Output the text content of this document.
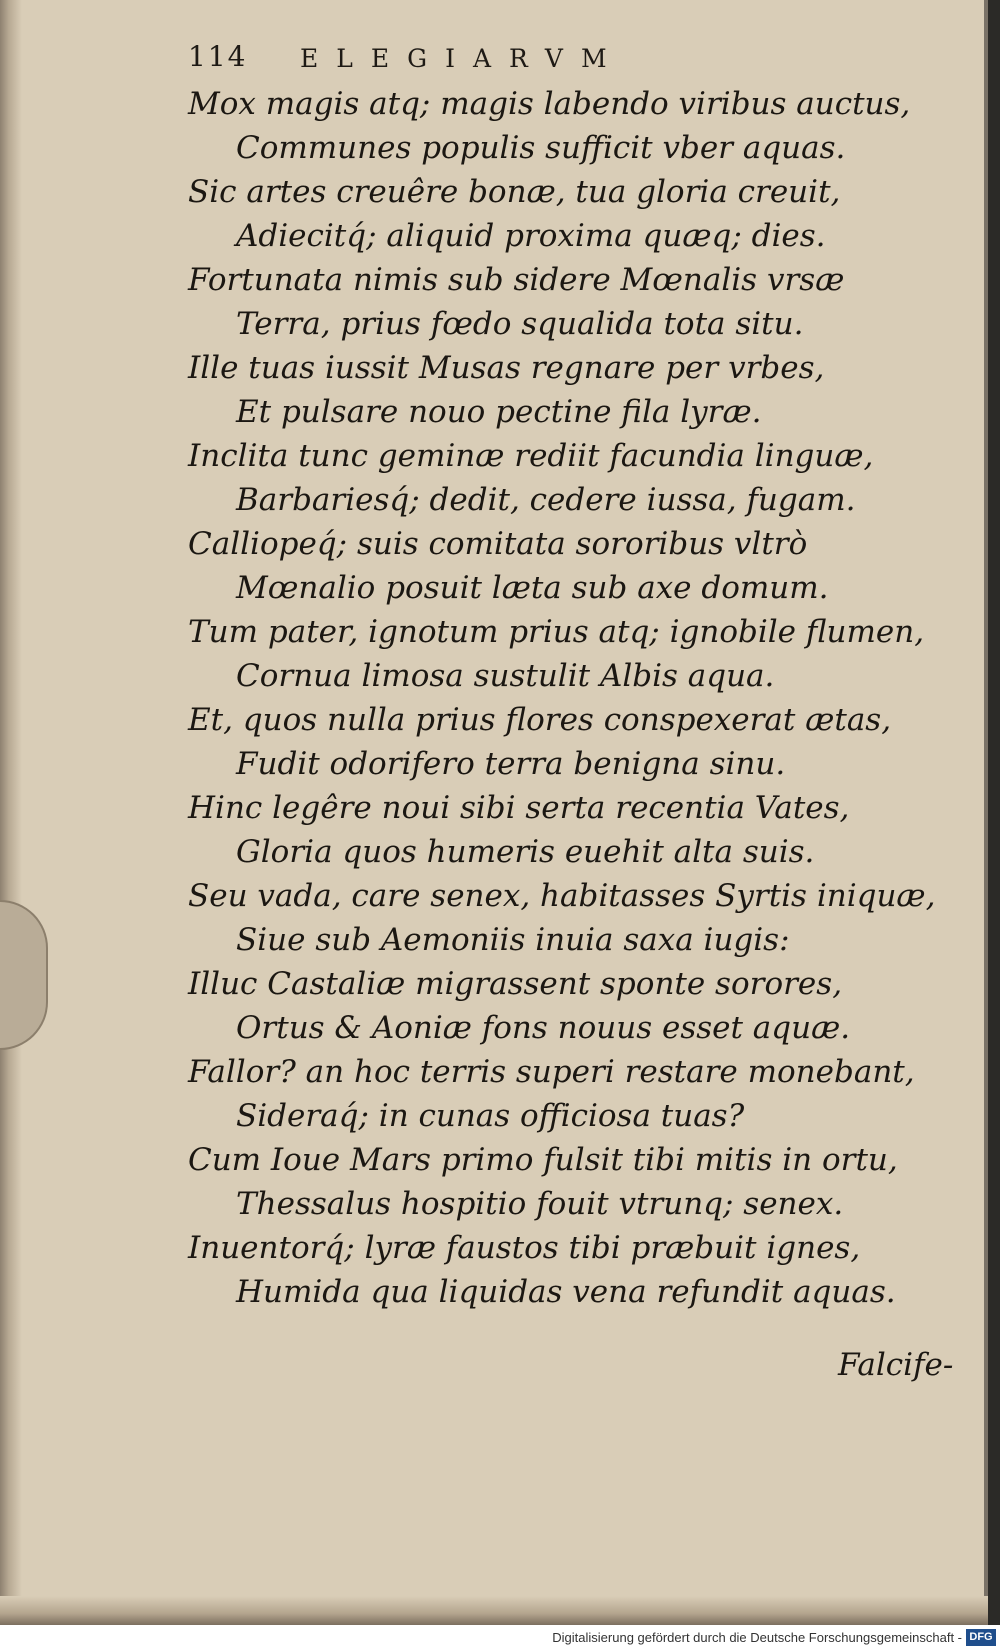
114 ELEGIARVM
Mox magis atq; magis labendo viribus auctus,
Communes populis sufficit vber aquas.
Sic artes creuêre bonæ, tua gloria creuit,
Adiecitq́; aliquid proxima quæq; dies.
Fortunata nimis sub sidere Mœnalis vrsæ
Terra, prius fœdo squalida tota situ.
Ille tuas iussit Musas regnare per vrbes,
Et pulsare nouo pectine fila lyræ.
Inclita tunc geminæ rediit facundia linguæ,
Barbariesq́; dedit, cedere iussa, fugam.
Calliopeq́; suis comitata sororibus vltrò
Mœnalio posuit læta sub axe domum.
Tum pater, ignotum prius atq; ignobile flumen,
Cornua limosa sustulit Albis aqua.
Et, quos nulla prius flores conspexerat ætas,
Fudit odorifero terra benigna sinu.
Hinc legêre noui sibi serta recentia Vates,
Gloria quos humeris euehit alta suis.
Seu vada, care senex, habitasses Syrtis iniquæ,
Siue sub Aemoniis inuia saxa iugis:
Illuc Castaliæ migrassent sponte sorores,
Ortus & Aoniæ fons nouus esset aquæ.
Fallor? an hoc terris superi restare monebant,
Sideraq́; in cunas officiosa tuas?
Cum Ioue Mars primo fulsit tibi mitis in ortu,
Thessalus hospitio fouit vtrunq; senex.
Inuentorq́; lyræ faustos tibi præbuit ignes,
Humida qua liquidas vena refundit aquas.
Falcife-
Digitalisierung gefördert durch die Deutsche Forschungsgemeinschaft - DFG
